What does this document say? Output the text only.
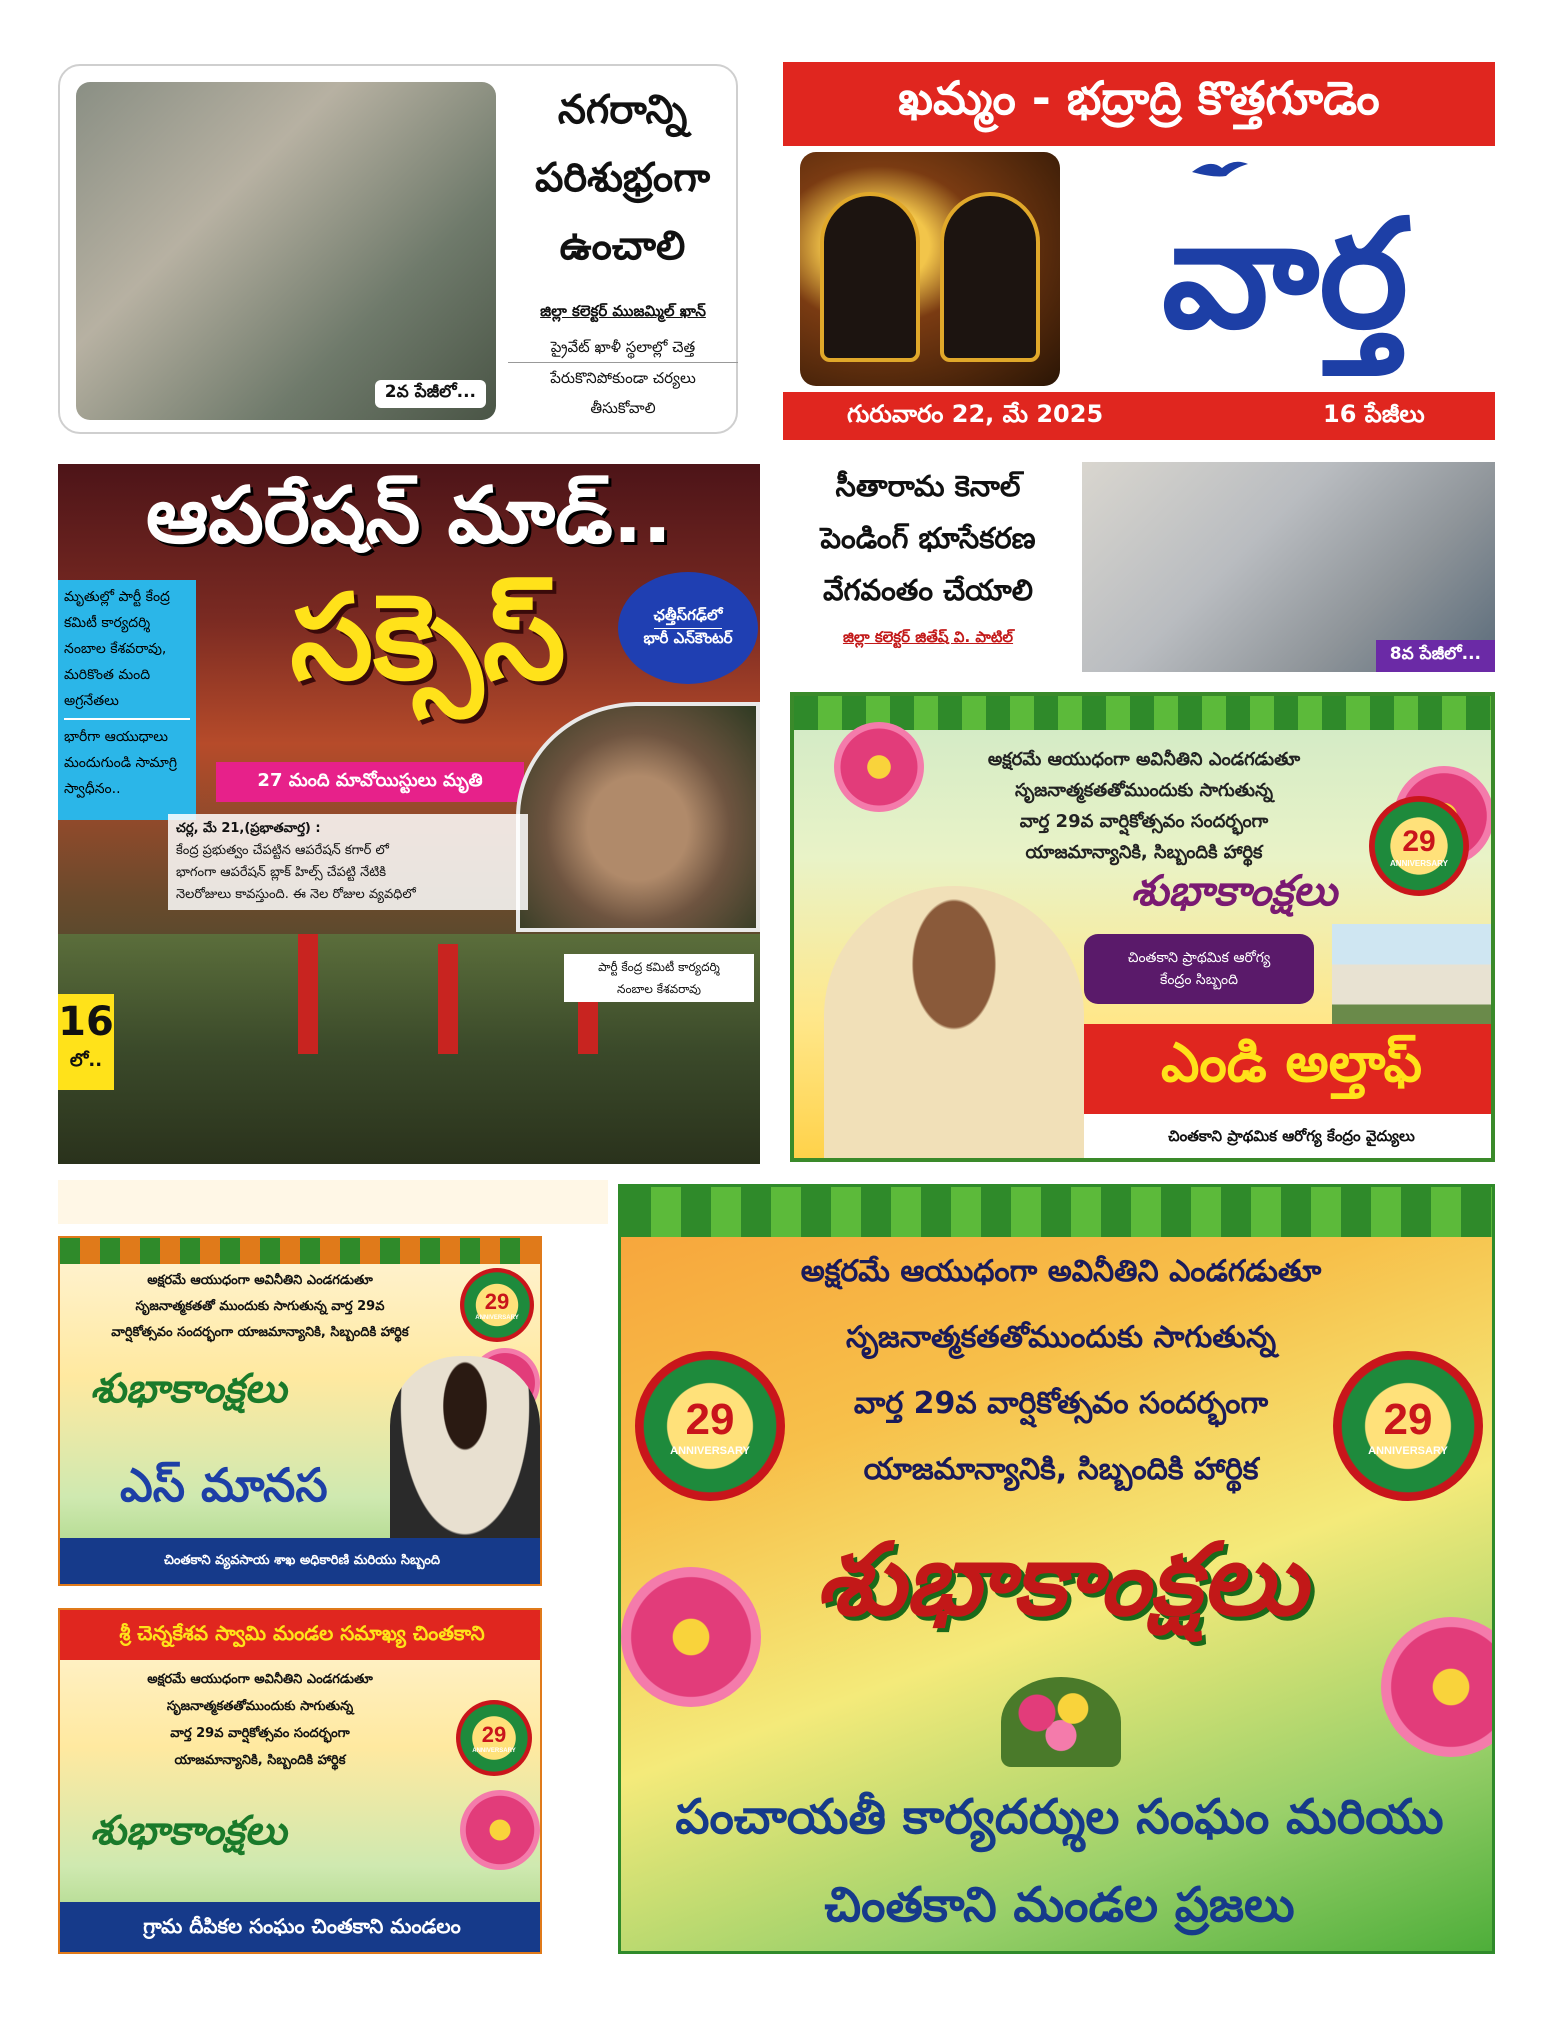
2వ పేజీలో...
నగరాన్ని
పరిశుభ్రంగా
ఉంచాలి
జిల్లా కలెక్టర్ ముజమ్మిల్ ఖాన్
ప్రైవేట్ ఖాళీ స్థలాల్లో చెత్త
పేరుకొనిపోకుండా చర్యలు
తీసుకోవాలి
ఖమ్మం - భద్రాద్రి కొత్తగూడెం
వార్త
గురువారం 22, మే 2025	16 పేజీలు
ఆపరేషన్ మాడ్..
సక్సెస్
మృతుల్లో పార్టీ కేంద్ర కమిటీ కార్యదర్శి నంబాల కేశవరావు, మరికొంత మంది అగ్రనేతలు
భారీగా ఆయుధాలు మందుగుండి సామాగ్రి స్వాధీనం..
ఛత్తీస్‌గఢ్‌లో
భారీ ఎన్‌కౌంటర్
27 మంది మావోయిస్టులు మృతి
చర్ల, మే 21,(ప్రభాతవార్త) :
కేంద్ర ప్రభుత్వం చేపట్టిన ఆపరేషన్ కగార్ లో
భాగంగా ఆపరేషన్ బ్లాక్ హిల్స్ చేపట్టి నేటికి
నెలరోజులు కావస్తుంది. ఈ నెల రోజుల వ్యవధిలో
పార్టీ కేంద్ర కమిటీ కార్యదర్శి
నంబాల కేశవరావు
16
లో..
సీతారామ కెనాల్
పెండింగ్ భూసేకరణ
వేగవంతం చేయాలి
జిల్లా కలెక్టర్ జితేష్ వి. పాటిల్
8వ పేజీలో...
అక్షరమే ఆయుధంగా అవినీతిని ఎండగడుతూ
సృజనాత్మకతతోముందుకు సాగుతున్న
వార్త 29వ వార్షికోత్సవం సందర్భంగా
యాజమాన్యానికి, సిబ్బందికి హార్థిక	29
ANNIVERSARY
శుభాకాంక్షలు
చింతకాని ప్రాథమిక ఆరోగ్య
కేంద్రం సిబ్బంది
ఎండి అల్తాఫ్
చింతకాని ప్రాథమిక ఆరోగ్య కేంద్రం వైద్యులు
అక్షరమే ఆయుధంగా అవినీతిని ఎండగడుతూ
సృజనాత్మకతతో ముందుకు సాగుతున్న వార్త 29వ
వార్షికోత్సవం సందర్భంగా యాజమాన్యానికి, సిబ్బందికి హార్థిక
29
ANNIVERSARY
శుభాకాంక్షలు
ఎస్ మానస
చింతకాని వ్యవసాయ శాఖ అధికారిణి మరియు సిబ్బంది
శ్రీ చెన్నకేశవ స్వామి మండల సమాఖ్య చింతకాని
అక్షరమే ఆయుధంగా అవినీతిని ఎండగడుతూ
సృజనాత్మకతతోముందుకు సాగుతున్న
వార్త 29వ వార్షికోత్సవం సందర్భంగా
యాజమాన్యానికి, సిబ్బందికి హార్థిక
29
ANNIVERSARY
శుభాకాంక్షలు
గ్రామ దీపికల సంఘం చింతకాని మండలం
అక్షరమే ఆయుధంగా అవినీతిని ఎండగడుతూ
సృజనాత్మకతతోముందుకు సాగుతున్న
వార్త 29వ వార్షికోత్సవం సందర్భంగా
యాజమాన్యానికి, సిబ్బందికి హార్థిక
29
ANNIVERSARY
29
ANNIVERSARY
శుభాకాంక్షలు
పంచాయతీ కార్యదర్శుల సంఘం మరియు
చింతకాని మండల ప్రజలు
